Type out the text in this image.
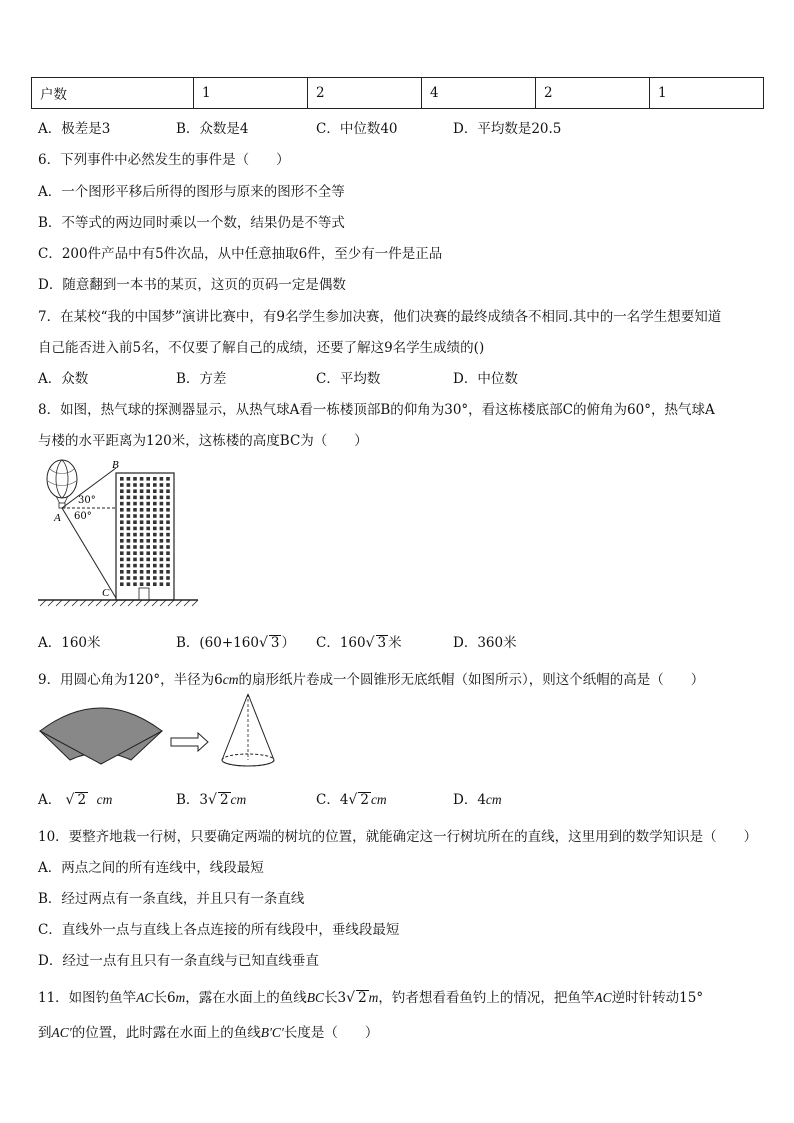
户数	1	2	4	2	1
A．极差是3	B．众数是4	C．中位数40	D．平均数是20.5
6．下列事件中必然发生的事件是（　　）
A．一个图形平移后所得的图形与原来的图形不全等
B．不等式的两边同时乘以一个数，结果仍是不等式
C．200件产品中有5件次品，从中任意抽取6件，至少有一件是正品
D．随意翻到一本书的某页，这页的页码一定是偶数
7．在某校“我的中国梦”演讲比赛中，有9名学生参加决赛，他们决赛的最终成绩各不相同.其中的一名学生想要知道
自己能否进入前5名，不仅要了解自己的成绩，还要了解这9名学生成绩的()
A．众数	B．方差	C．平均数	D．中位数
8．如图，热气球的探测器显示，从热气球A看一栋楼顶部B的仰角为30°，看这栋楼底部C的俯角为60°，热气球A
与楼的水平距离为120米，这栋楼的高度BC为（　　）
B
A
C
30°
60°
A．160米	B．(60+160√ 3 ） C．160√ 3 米	D．360米
9．用圆心角为120°，半径为6cm的扇形纸片卷成一个圆锥形无底纸帽（如图所示），则这个纸帽的高是（　　）
A． √ 2 cm	B．3√ 2 cm	C．4√ 2 cm	D．4cm
10．要整齐地栽一行树，只要确定两端的树坑的位置，就能确定这一行树坑所在的直线，这里用到的数学知识是（　　）
A．两点之间的所有连线中，线段最短
B．经过两点有一条直线，并且只有一条直线
C．直线外一点与直线上各点连接的所有线段中，垂线段最短
D．经过一点有且只有一条直线与已知直线垂直
11．如图钓鱼竿AC长6m，露在水面上的鱼线BC长3√ 2 m，钓者想看看鱼钓上的情况，把鱼竿AC逆时针转动15°
到AC′的位置，此时露在水面上的鱼线B′C′长度是（　　）
